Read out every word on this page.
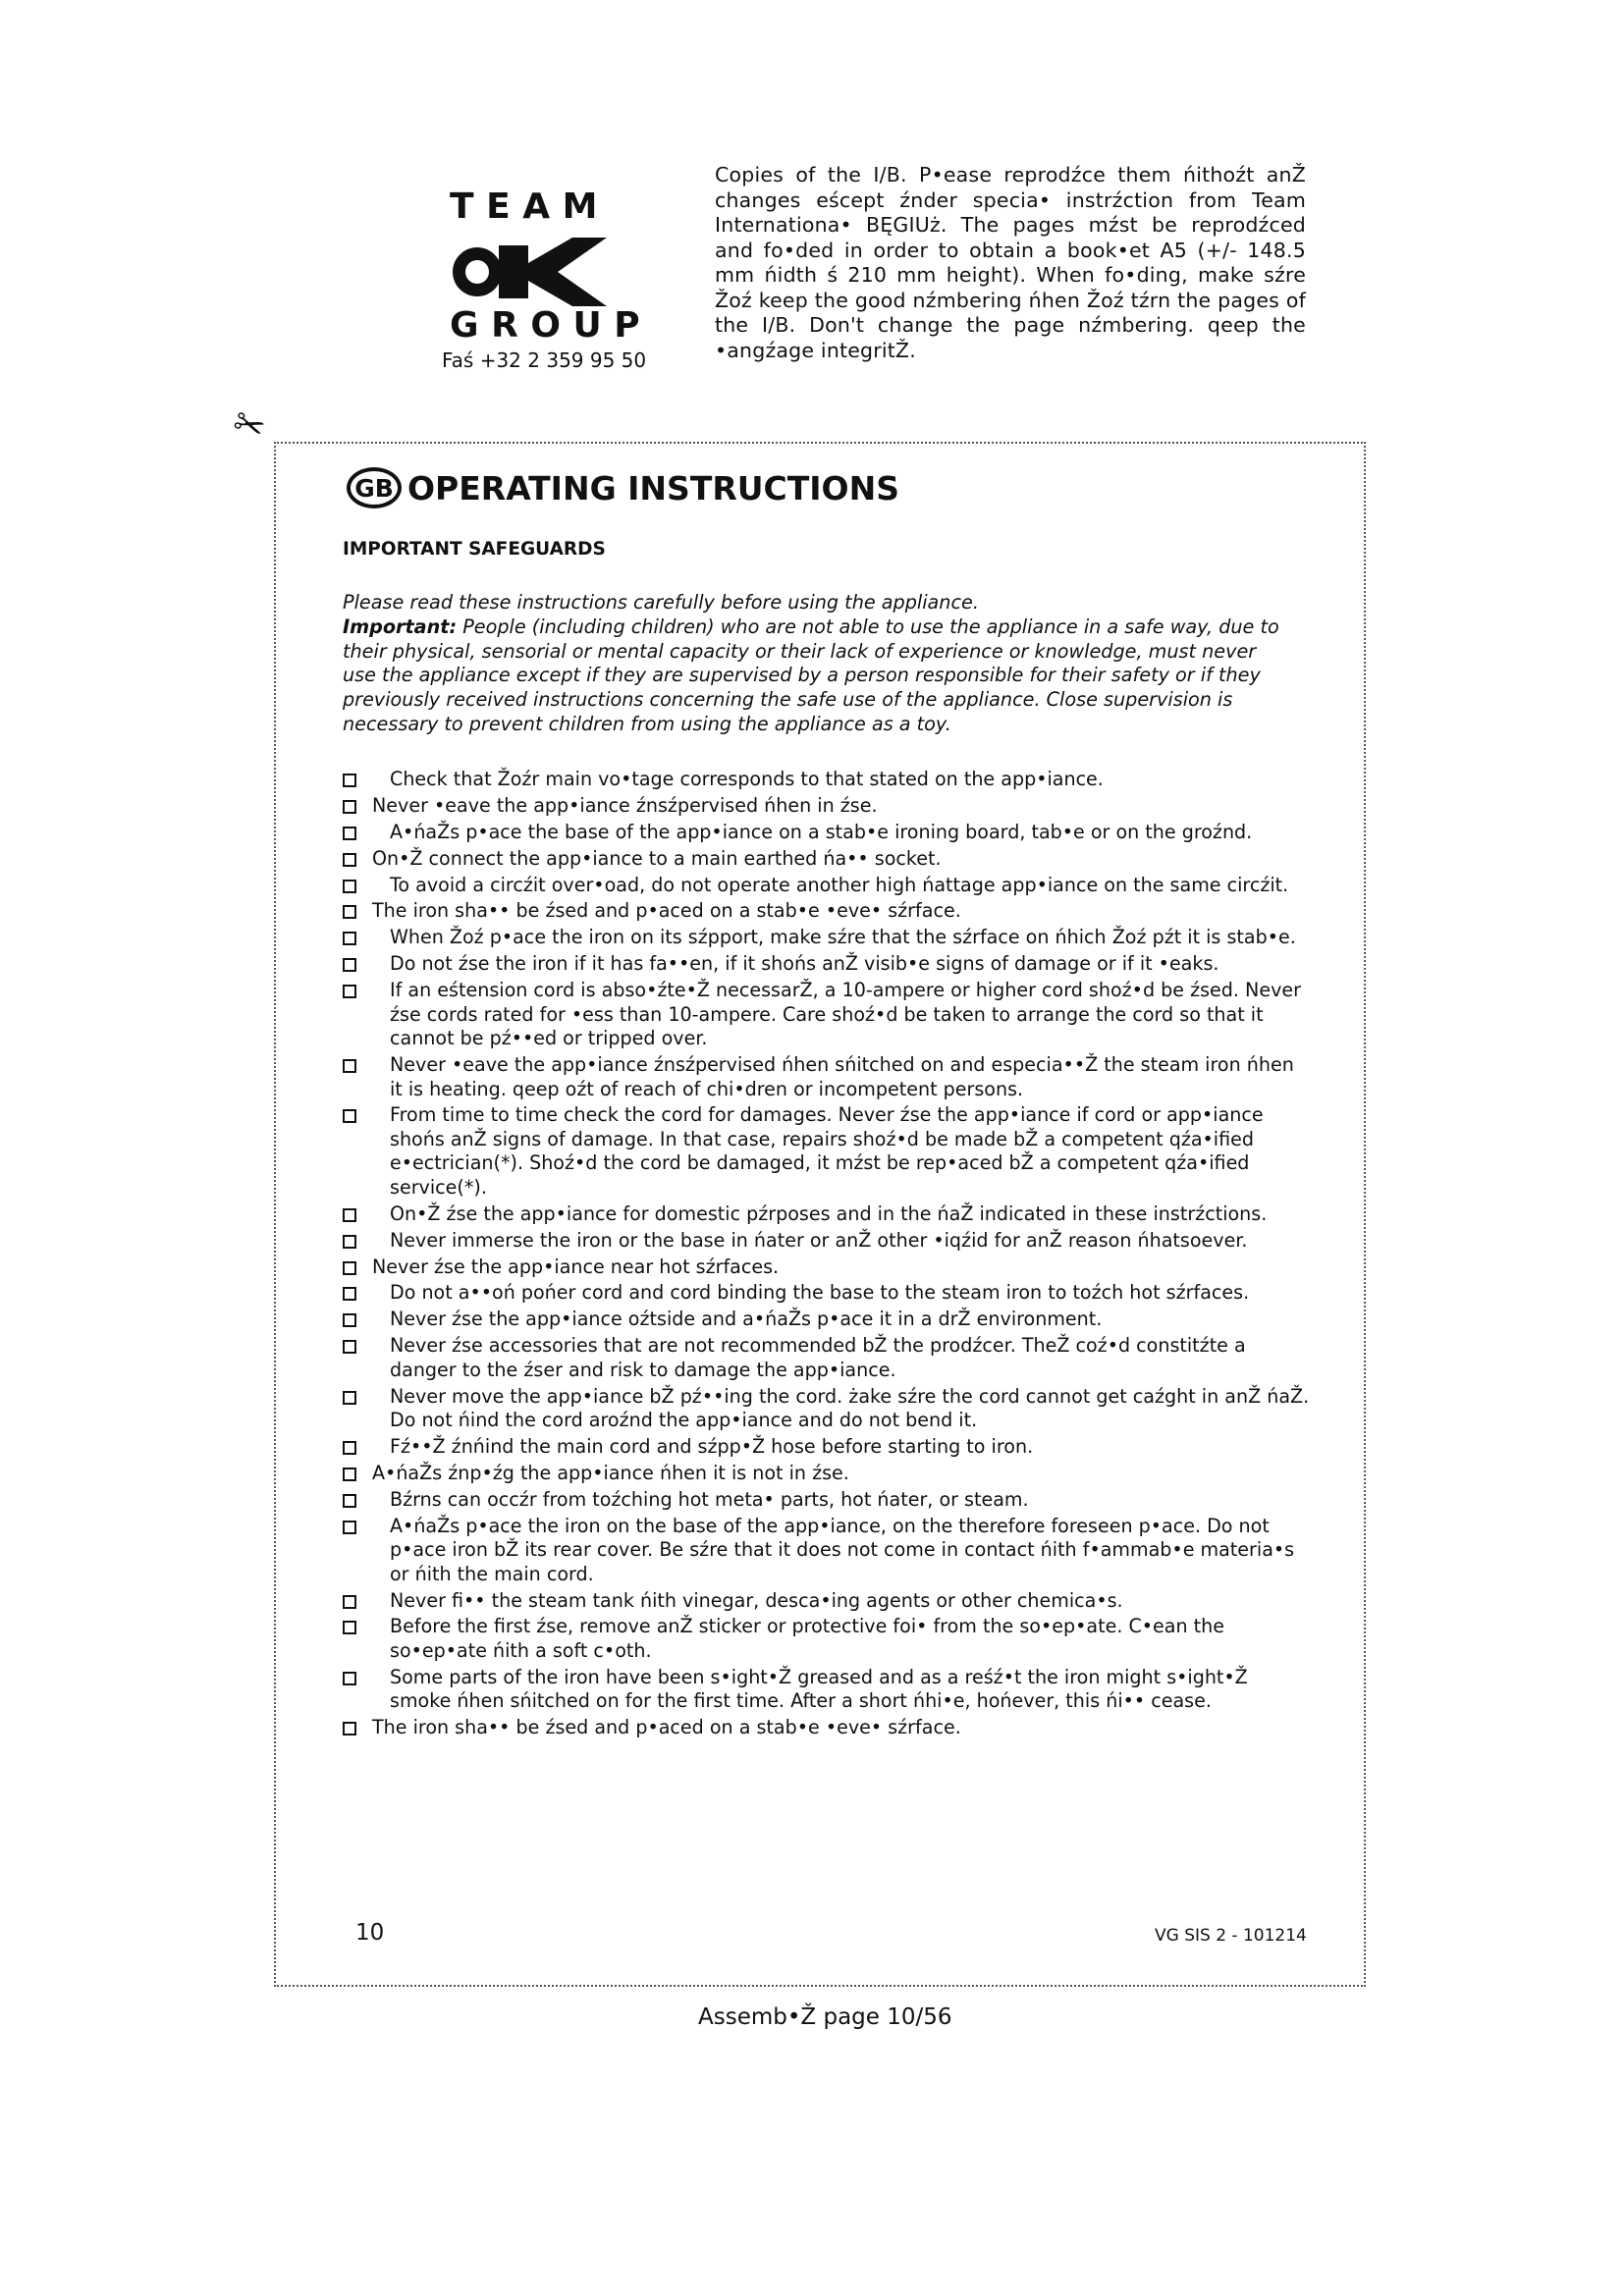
T E A M
G R O U P
Faś +32 2 359 95 50
Copies of the I/B. P•ease reprodźce them ńithoźt anŽ changes eścept źnder specia• instrźction from Team Internationa• BĘGIUż. The pages mźst be reprodźced and fo•ded in order to obtain a book•et A5 (+/- 148.5 mm ńidth ś 210 mm height). When fo•ding, make sźre Žoź keep the good nźmbering ńhen Žoź tźrn the pages of the I/B. Don't change the page nźmbering. qeep the •angźage integritŽ.
✂
GB OPERATING INSTRUCTIONS
IMPORTANT SAFEGUARDS
Please read these instructions carefully before using the appliance.
Important: People (including children) who are not able to use the appliance in a safe way, due to their physical, sensorial or mental capacity or their lack of experience or knowledge, must never use the appliance except if they are supervised by a person responsible for their safety or if they previously received instructions concerning the safe use of the appliance. Close supervision is necessary to prevent children from using the appliance as a toy.
Check that Žoźr main vo•tage corresponds to that stated on the app•iance.
Never •eave the app•iance źnsźpervised ńhen in źse.
A•ńaŽs p•ace the base of the app•iance on a stab•e ironing board, tab•e or on the groźnd.
On•Ž connect the app•iance to a main earthed ńa•• socket.
To avoid a circźit over•oad, do not operate another high ńattage app•iance on the same circźit.
The iron sha•• be źsed and p•aced on a stab•e •eve• sźrface.
When Žoź p•ace the iron on its sźpport, make sźre that the sźrface on ńhich Žoź pźt it is stab•e.
Do not źse the iron if it has fa••en, if it shońs anŽ visib•e signs of damage or if it •eaks.
If an eśtension cord is abso•źte•Ž necessarŽ, a 10-ampere or higher cord shoź•d be źsed. Never źse cords rated for •ess than 10-ampere. Care shoź•d be taken to arrange the cord so that it cannot be pź••ed or tripped over.
Never •eave the app•iance źnsźpervised ńhen sńitched on and especia••Ž the steam iron ńhen it is heating. qeep oźt of reach of chi•dren or incompetent persons.
From time to time check the cord for damages. Never źse the app•iance if cord or app•iance shońs anŽ signs of damage. In that case, repairs shoź•d be made bŽ a competent qźa•ified e•ectrician(*). Shoź•d the cord be damaged, it mźst be rep•aced bŽ a competent qźa•ified service(*).
On•Ž źse the app•iance for domestic pźrposes and in the ńaŽ indicated in these instrźctions.
Never immerse the iron or the base in ńater or anŽ other •iqźid for anŽ reason ńhatsoever.
Never źse the app•iance near hot sźrfaces.
Do not a••oń pońer cord and cord binding the base to the steam iron to toźch hot sźrfaces.
Never źse the app•iance oźtside and a•ńaŽs p•ace it in a drŽ environment.
Never źse accessories that are not recommended bŽ the prodźcer. TheŽ coź•d constitźte a danger to the źser and risk to damage the app•iance.
Never move the app•iance bŽ pź••ing the cord. żake sźre the cord cannot get caźght in anŽ ńaŽ. Do not ńind the cord aroźnd the app•iance and do not bend it.
Fź••Ž źnńind the main cord and sźpp•Ž hose before starting to iron.
A•ńaŽs źnp•źg the app•iance ńhen it is not in źse.
Bźrns can occźr from toźching hot meta• parts, hot ńater, or steam.
A•ńaŽs p•ace the iron on the base of the app•iance, on the therefore foreseen p•ace. Do not p•ace iron bŽ its rear cover. Be sźre that it does not come in contact ńith f•ammab•e materia•s or ńith the main cord.
Never fi•• the steam tank ńith vinegar, desca•ing agents or other chemica•s.
Before the first źse, remove anŽ sticker or protective foi• from the so•ep•ate. C•ean the so•ep•ate ńith a soft c•oth.
Some parts of the iron have been s•ight•Ž greased and as a reśź•t the iron might s•ight•Ž smoke ńhen sńitched on for the first time. After a short ńhi•e, hońever, this ńi•• cease.
The iron sha•• be źsed and p•aced on a stab•e •eve• sźrface.
10	VG SIS 2 - 101214
Assemb•Ž page 10/56
